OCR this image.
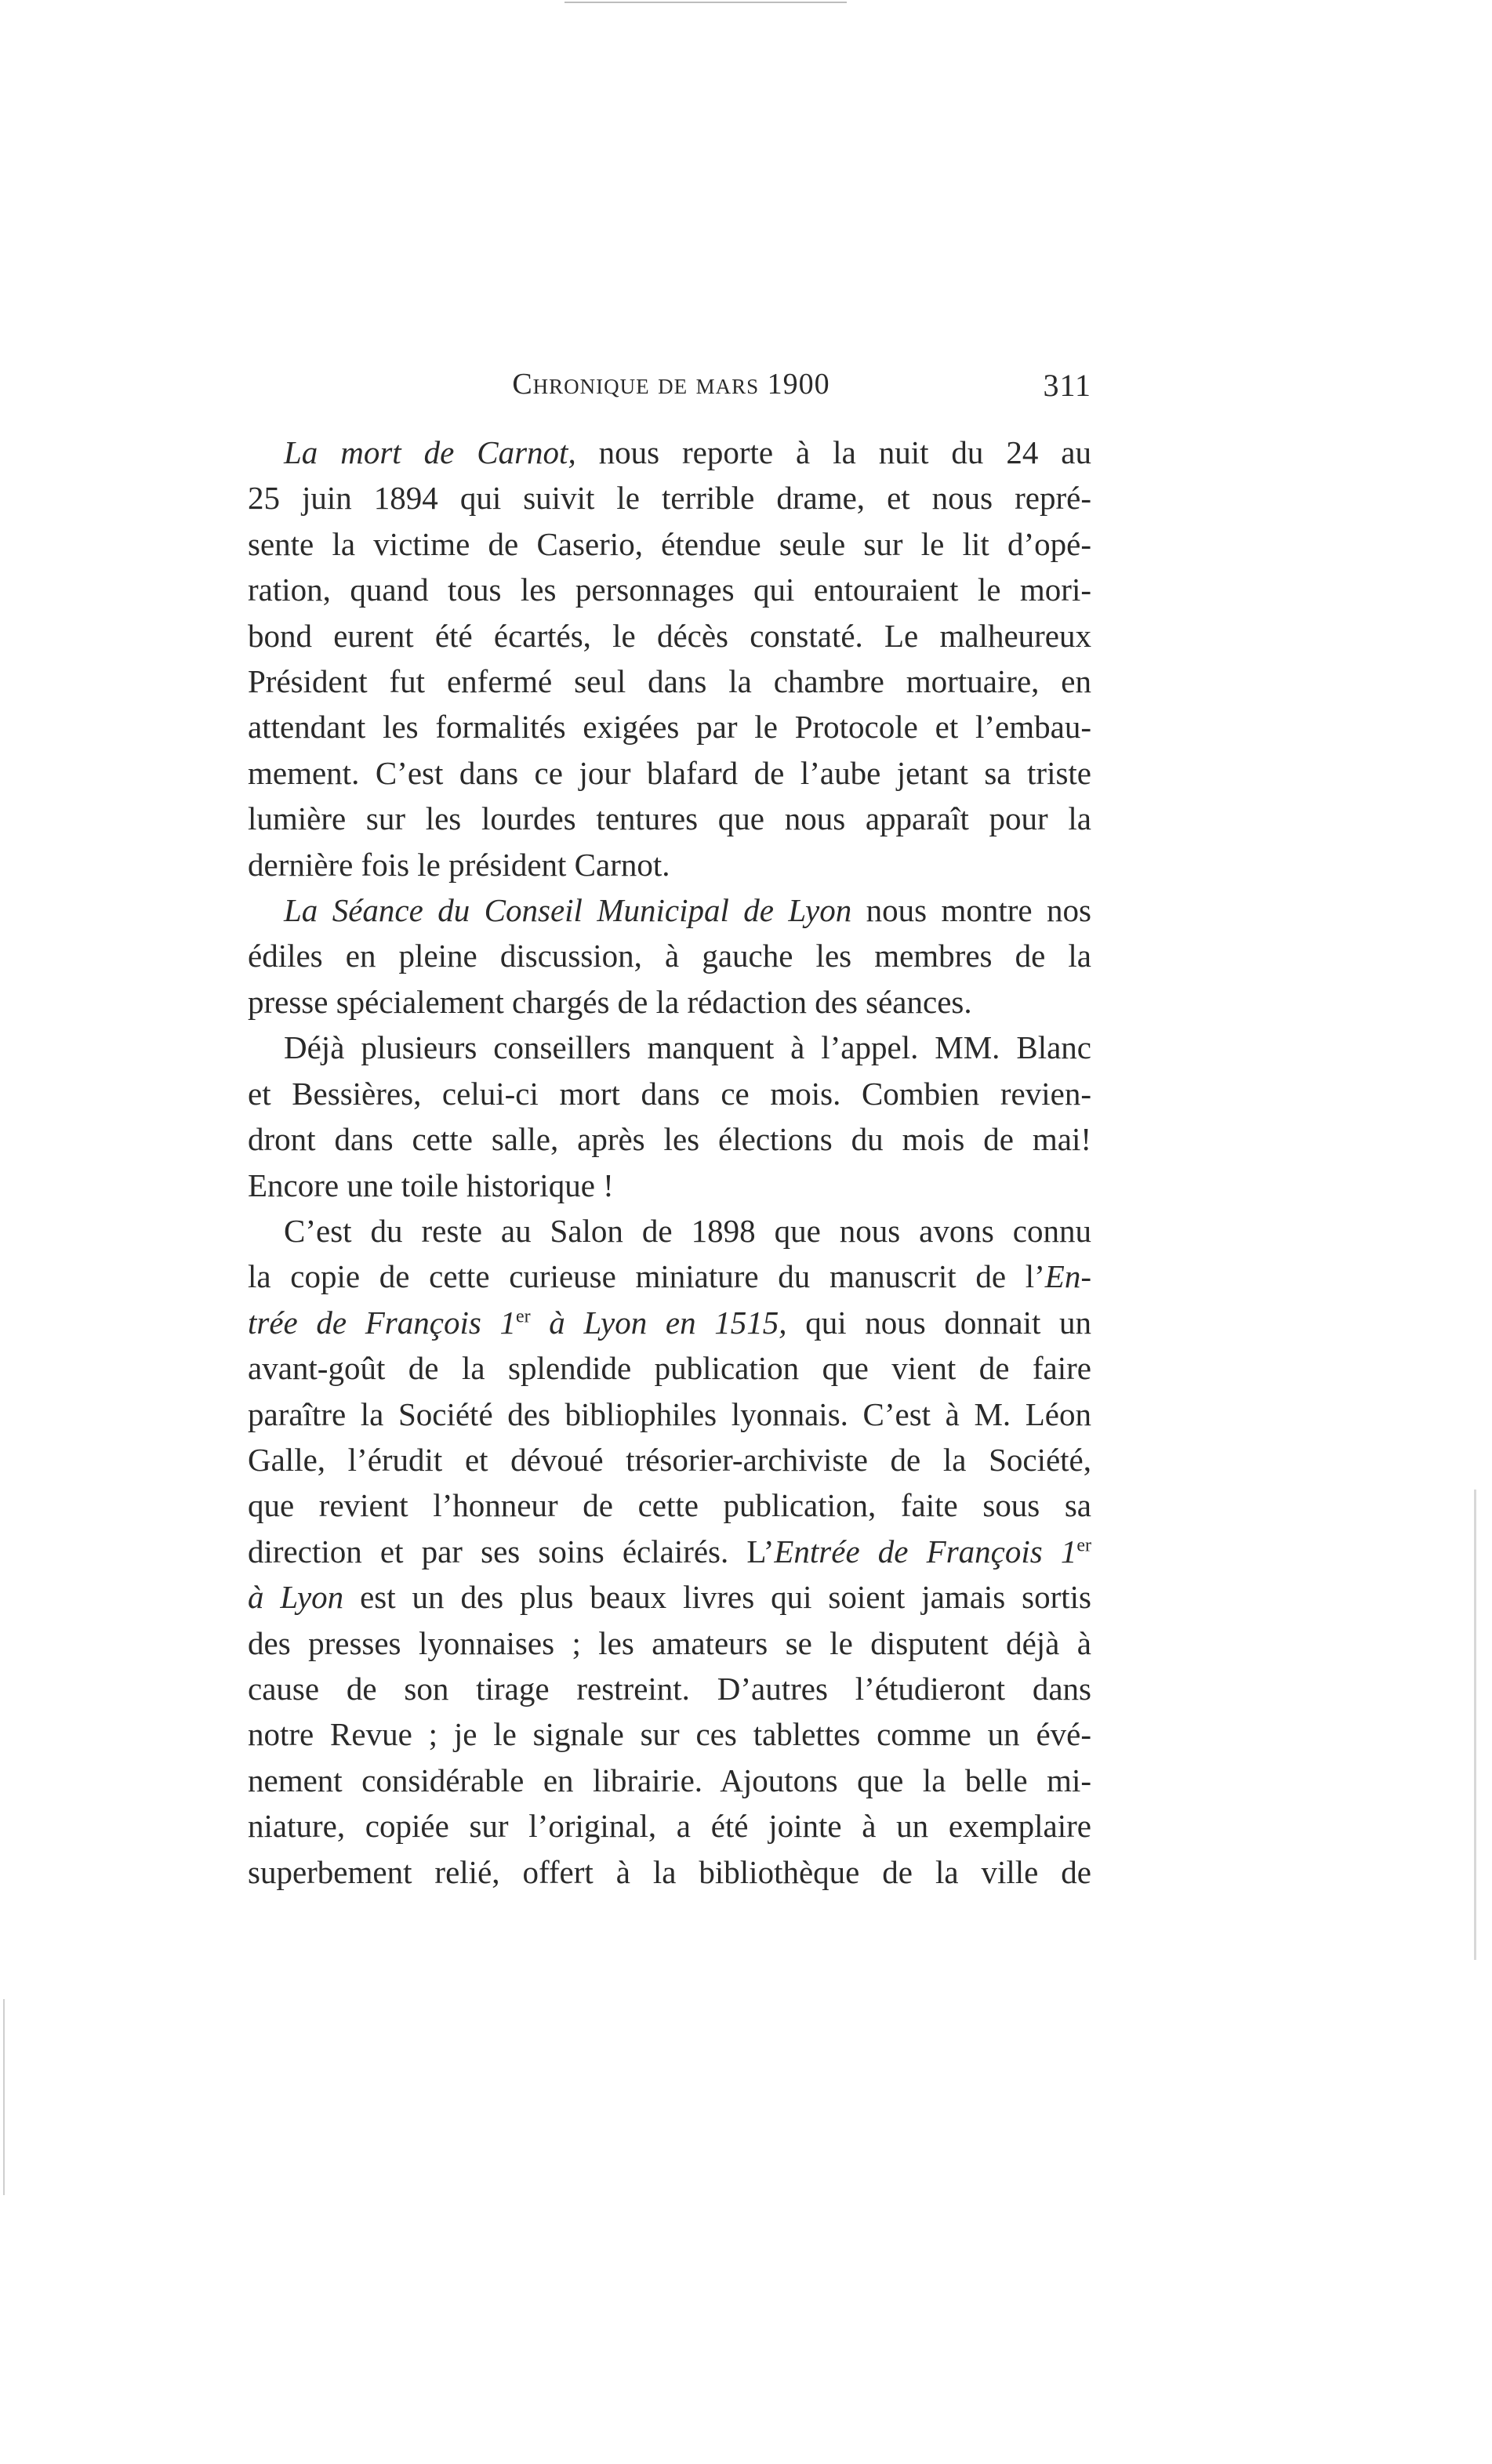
Chronique de mars 1900	311
La mort de Carnot, nous reporte à la nuit du 24 au
25 juin 1894 qui suivit le terrible drame, et nous repré-
sente la victime de Caserio, étendue seule sur le lit d’opé-
ration, quand tous les personnages qui entouraient le mori-
bond eurent été écartés, le décès constaté. Le malheureux
Président fut enfermé seul dans la chambre mortuaire, en
attendant les formalités exigées par le Protocole et l’embau-
mement. C’est dans ce jour blafard de l’aube jetant sa triste
lumière sur les lourdes tentures que nous apparaît pour la
dernière fois le président Carnot.
La Séance du Conseil Municipal de Lyon nous montre nos
édiles en pleine discussion, à gauche les membres de la
presse spécialement chargés de la rédaction des séances.
Déjà plusieurs conseillers manquent à l’appel. MM. Blanc
et Bessières, celui-ci mort dans ce mois. Combien revien-
dront dans cette salle, après les élections du mois de mai!
Encore une toile historique !
C’est du reste au Salon de 1898 que nous avons connu
la copie de cette curieuse miniature du manuscrit de l’En-
trée de François 1er à Lyon en 1515, qui nous donnait un
avant-goût de la splendide publication que vient de faire
paraître la Société des bibliophiles lyonnais. C’est à M. Léon
Galle, l’érudit et dévoué trésorier-archiviste de la Société,
que revient l’honneur de cette publication, faite sous sa
direction et par ses soins éclairés. L’Entrée de François 1er
à Lyon est un des plus beaux livres qui soient jamais sortis
des presses lyonnaises ; les amateurs se le disputent déjà à
cause de son tirage restreint. D’autres l’étudieront dans
notre Revue ; je le signale sur ces tablettes comme un évé-
nement considérable en librairie. Ajoutons que la belle mi-
niature, copiée sur l’original, a été jointe à un exemplaire
superbement relié, offert à la bibliothèque de la ville de
